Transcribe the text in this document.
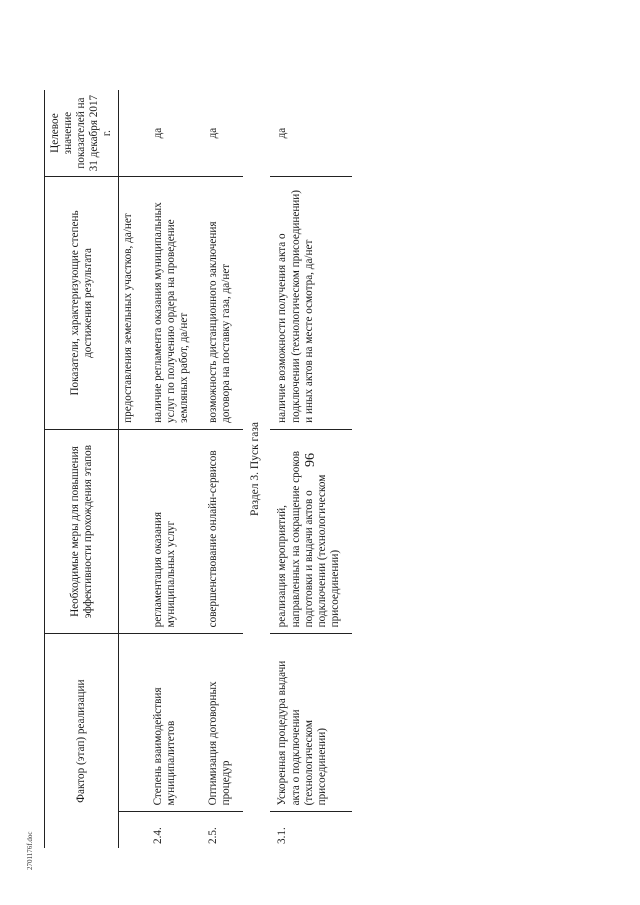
96
Фактор (этап) реализации		Необходимые меры для повышения эффективности прохождения этапов	Показатели, характеризующие степень достижения результата	Целевое значение показателей на 31 декабря 2017 г.
			предоставления земельных участков, да/нет	
2.4.	Степень взаимодействия муниципалитетов	регламентация оказания муниципальных услуг	наличие регламента оказания муниципальных услуг по получению ордера на проведение земляных работ, да/нет	да
2.5.	Оптимизация договорных процедур	совершенствование онлайн-сервисов	возможность дистанционного заключения договора на поставку газа, да/нет	да
Раздел 3. Пуск газа				
3.1.	Ускоренная процедура выдачи акта о подключении (технологическом присоединении)	реализация мероприятий, направленных на сокращение сроков подготовки и выдачи актов о подключении (технологическом присоединении)	наличие возможности получения акта о подключении (технологическом присоединении) и иных актов на месте осмотра, да/нет	да
2701176f.doc
